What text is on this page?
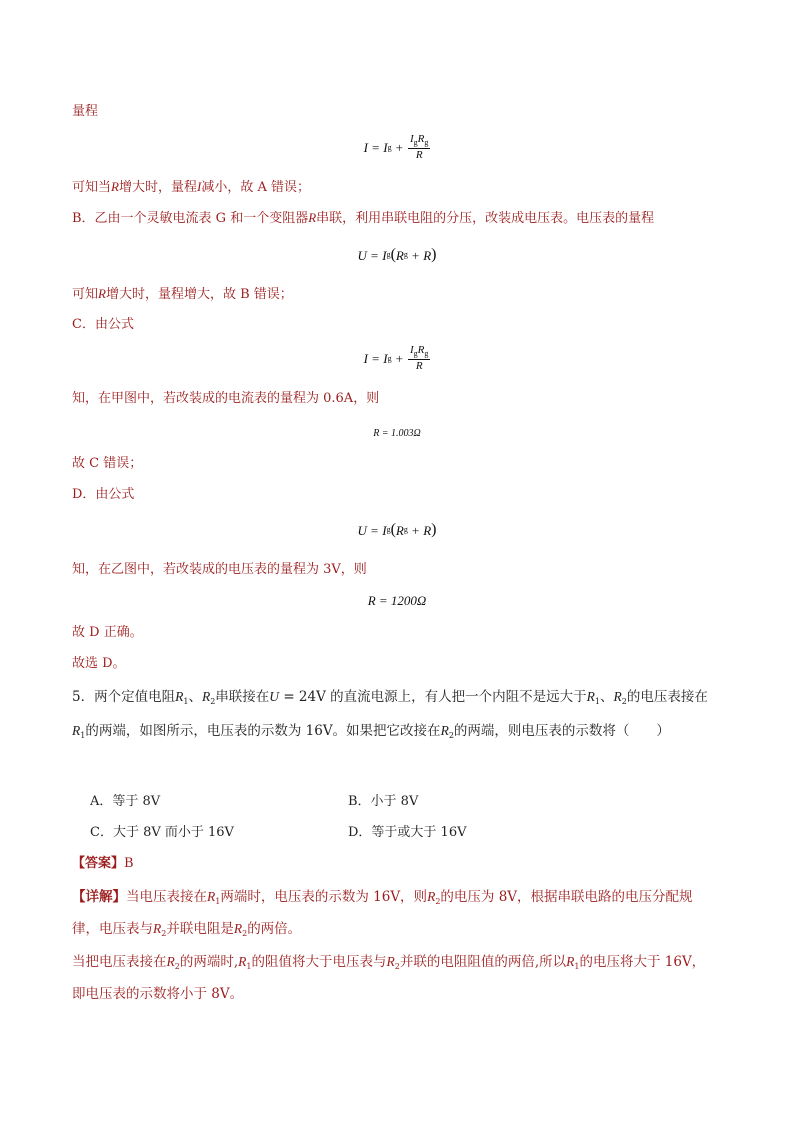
量程
I = I $g + \frac{I_gR_g}{R}$
可知当R增大时，量程I减小，故 A 错误；
B．乙由一个灵敏电流表 G 和一个变阻器R串联，利用串联电阻的分压，改装成电压表。电压表的量程
U = I g ( R g + R )
可知R增大时，量程增大，故 B 错误；
C．由公式
I = I $g + \frac{I_gR_g}{R}$
知，在甲图中，若改装成的电流表的量程为 0.6A，则
R = 1.003Ω
故 C 错误；
D．由公式
U = I g ( R g + R )
知，在乙图中，若改装成的电压表的量程为 3V，则
R = 1200Ω
故 D 正确。
故选 D。
5．两个定值电阻$R_1$、$R_2$串联接在U = 24V 的直流电源上，有人把一个内阻不是远大于$R_1$、$R_2$的电压表接在
$R_1$的两端，如图所示，电压表的示数为 16V。如果把它改接在$R_2$的两端，则电压表的示数将（　　）
A．等于 8V	B．小于 8V
C．大于 8V 而小于 16V	D．等于或大于 16V
【答案】B
【详解】当电压表接在$R_1$两端时，电压表的示数为 16V，则$R_2$的电压为 8V，根据串联电路的电压分配规
律，电压表与$R_2$并联电阻是$R_2$的两倍。
当把电压表接在$R_2$的两端时$,R_1$的阻值将大于电压表与$R_2$并联的电阻阻值的两倍,所以$R_1$的电压将大于 16V，
即电压表的示数将小于 8V。
